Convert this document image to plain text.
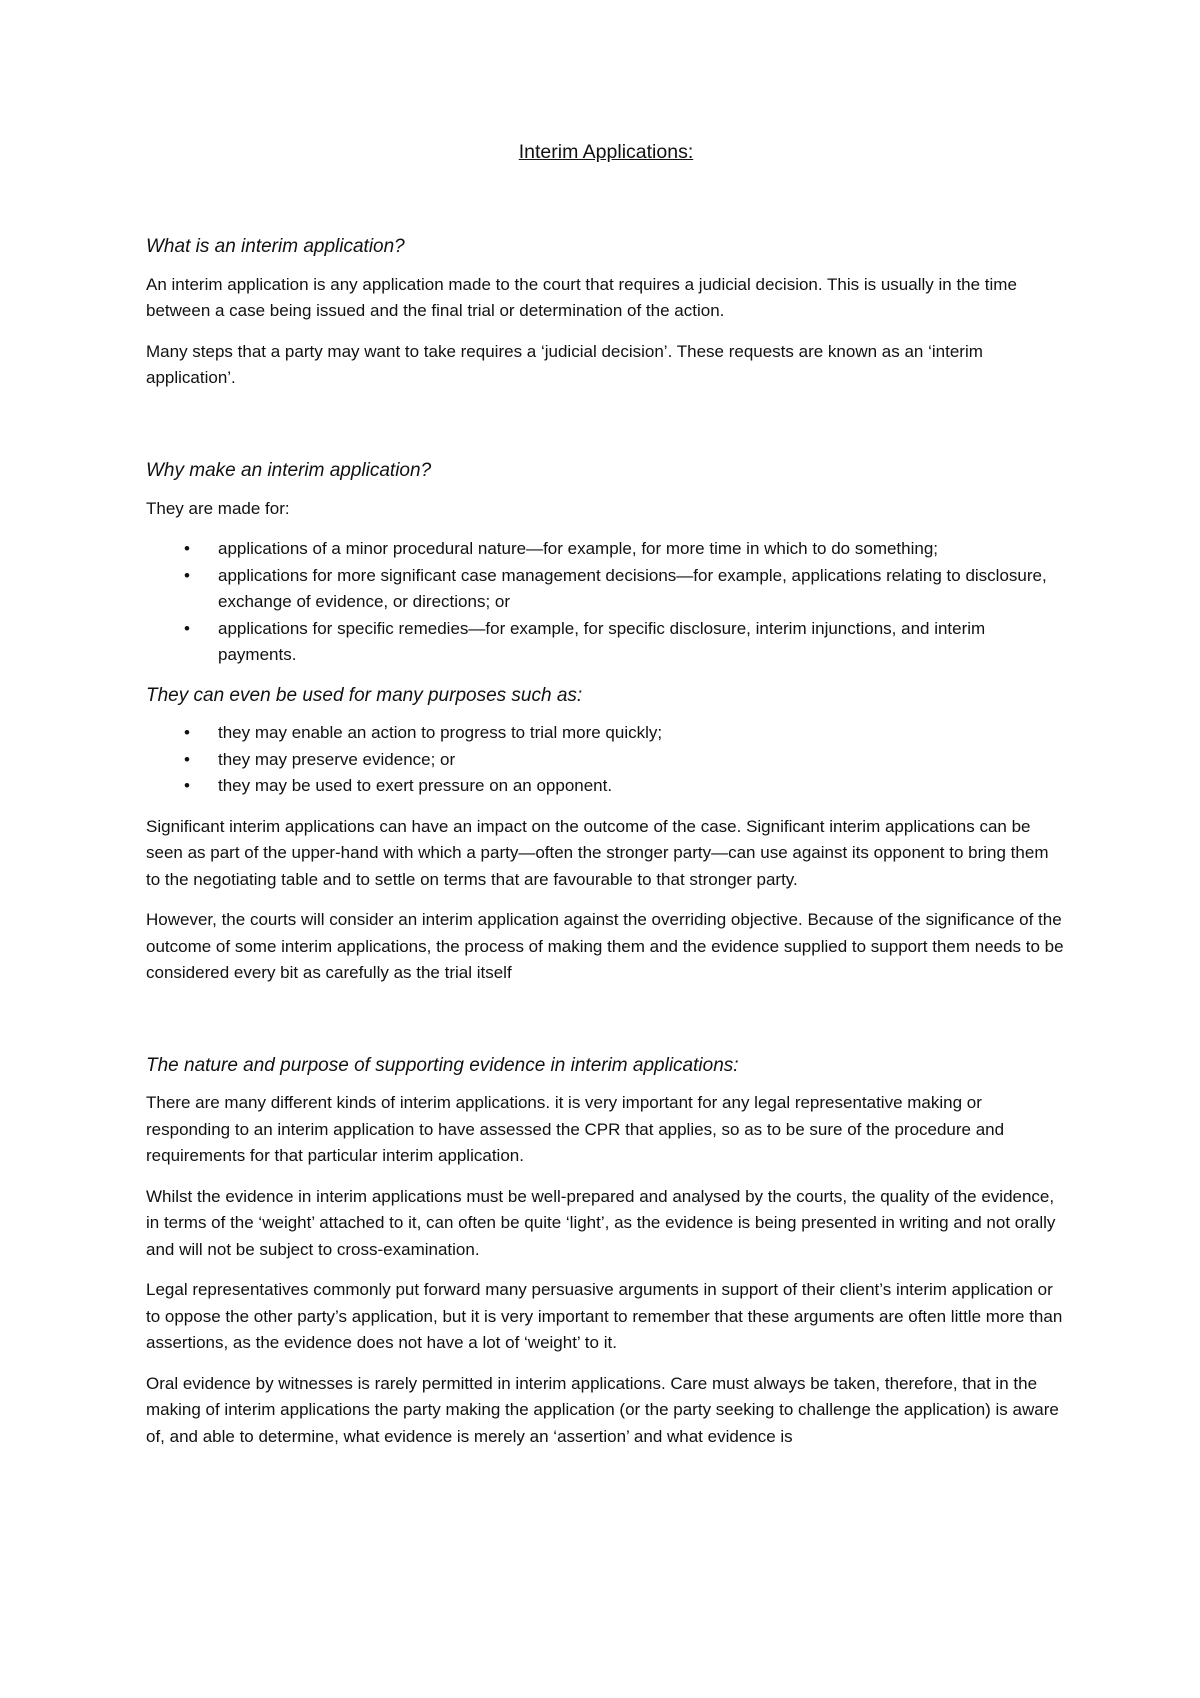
Interim Applications:
What is an interim application?

An interim application is any application made to the court that requires a judicial decision. This is usually in the time between a case being issued and the final trial or determination of the action.

Many steps that a party may want to take requires a ‘judicial decision’. These requests are known as an ‘interim application’.

Why make an interim application?

They are made for:

• applications of a minor procedural nature—for example, for more time in which to do something;
• applications for more significant case management decisions—for example, applications relating to disclosure, exchange of evidence, or directions; or
• applications for specific remedies—for example, for specific disclosure, interim injunctions, and interim payments.
They can even be used for many purposes such as:
• they may enable an action to progress to trial more quickly;
• they may preserve evidence; or
• they may be used to exert pressure on an opponent.

Significant interim applications can have an impact on the outcome of the case. Significant interim applications can be seen as part of the upper-hand with which a party—often the stronger party—can use against its opponent to bring them to the negotiating table and to settle on terms that are favourable to that stronger party.

However, the courts will consider an interim application against the overriding objective. Because of the significance of the outcome of some interim applications, the process of making them and the evidence supplied to support them needs to be considered every bit as carefully as the trial itself

The nature and purpose of supporting evidence in interim applications:

There are many different kinds of interim applications. it is very important for any legal representative making or responding to an interim application to have assessed the CPR that applies, so as to be sure of the procedure and requirements for that particular interim application.

Whilst the evidence in interim applications must be well-prepared and analysed by the courts, the quality of the evidence, in terms of the ‘weight’ attached to it, can often be quite ‘light’, as the evidence is being presented in writing and not orally and will not be subject to cross-examination.

Legal representatives commonly put forward many persuasive arguments in support of their client’s interim application or to oppose the other party’s application, but it is very important to remember that these arguments are often little more than assertions, as the evidence does not have a lot of ‘weight’ to it.

Oral evidence by witnesses is rarely permitted in interim applications. Care must always be taken, therefore, that in the making of interim applications the party making the application (or the party seeking to challenge the application) is aware of, and able to determine, what evidence is merely an ‘assertion’ and what evidence is
